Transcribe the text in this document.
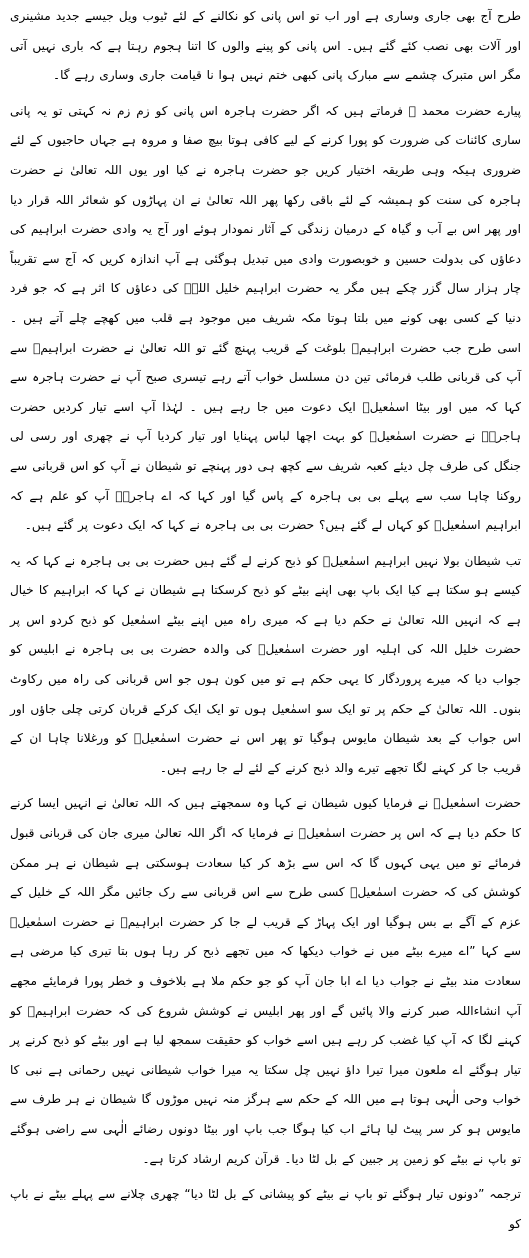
طرح آج بھی جاری وساری ہے اور اب تو اس پانی کو نکالنے کے لئے ٹیوب ویل جیسے جدید مشینری اور آلات بھی نصب کئے گئے ہیں۔ اس پانی کو پینے والوں کا اتنا ہجوم رہتا ہے کہ باری نہیں آتی مگر اس متبرک چشمے سے مبارک پانی کبھی ختم نہیں ہوا نا قیامت جاری وساری رہے گا۔

پیارے حضرت محمد ﷺ فرماتے ہیں کہ اگر حضرت ہاجرہ اس پانی کو زم زم نہ کہتی تو یہ پانی ساری کائنات کی ضرورت کو پورا کرنے کے لیے کافی ہوتا بیچ صفا و مروہ ہے جہاں حاجیوں کے لئے ضروری ہیکہ وہی طریقہ اختیار کریں جو حضرت ہاجرہ نے کیا اور یوں اللہ تعالیٰ نے حضرت ہاجرہ کی سنت کو ہمیشہ کے لئے باقی رکھا پھر اللہ تعالیٰ نے ان پہاڑوں کو شعائر اللہ قرار دیا اور پھر اس بے آب و گیاہ کے درمیان زندگی کے آثار نمودار ہوئے اور آج یہ وادی حضرت ابراہیم کی دعاؤں کی بدولت حسین و خوبصورت وادی میں تبدیل ہوگئی ہے آپ اندازہ کریں کہ آج سے تقریباً چار ہزار سال گزر چکے ہیں مگر یہ حضرت ابراہیم خلیل اللہؑ کی دعاؤں کا اثر ہے کہ جو فرد دنیا کے کسی بھی کونے میں بلتا ہوتا مکہ شریف میں موجود ہے قلب میں کھچے چلے آتے ہیں ۔ اسی طرح جب حضرت ابراہیمؑ بلوغت کے قریب پہنچ گئے تو اللہ تعالیٰ نے حضرت ابراہیمؑ سے آپ کی قربانی طلب فرمائی تین دن مسلسل خواب آتے رہے تیسری صبح آپ نے حضرت ہاجرہ سے کہا کہ میں اور بیٹا اسمٰعیلؑ ایک دعوت میں جا رہے ہیں ۔ لہٰذا آپ اسے تیار کردیں حضرت ہاجرہؑ نے حضرت اسمٰعیلؑ کو بہت اچھا لباس پہنایا اور تیار کردیا آپ نے چھری اور رسی لی جنگل کی طرف چل دیئے کعبہ شریف سے کچھ ہی دور پہنچے تو شیطان نے آپ کو اس قربانی سے روکنا چاہا سب سے پہلے بی بی ہاجرہ کے پاس گیا اور کہا کہ اے ہاجرہؑ آپ کو علم ہے کہ ابراہیم اسمٰعیلؑ کو کہاں لے گئے ہیں؟ حضرت بی بی ہاجرہ نے کہا کہ ایک دعوت پر گئے ہیں۔

تب شیطان بولا نہیں ابراہیم اسمٰعیلؑ کو ذبح کرنے لے گئے ہیں حضرت بی بی ہاجرہ نے کہا کہ یہ کیسے ہو سکتا ہے کیا ایک باپ بھی اپنے بیٹے کو ذبح کرسکتا ہے شیطان نے کہا کہ ابراہیم کا خیال ہے کہ انہیں اللہ تعالیٰ نے حکم دیا ہے کہ میری راہ میں اپنے بیٹے اسمٰعیل کو ذبح کردو اس پر حضرت خلیل اللہ کی اہلیہ اور حضرت اسمٰعیلؑ کی والدہ حضرت بی بی ہاجرہ نے ابلیس کو جواب دیا کہ میرے پروردگار کا یہی حکم ہے تو میں کون ہوں جو اس قربانی کی راہ میں رکاوٹ بنوں۔ اللہ تعالیٰ کے حکم پر تو ایک سو اسمٰعیل ہوں تو ایک ایک کرکے قربان کرتی چلی جاؤں اور اس جواب کے بعد شیطان مایوس ہوگیا تو پھر اس نے حضرت اسمٰعیلؑ کو ورغلانا چاہا ان کے قریب جا کر کہنے لگا تجھے تیرے والد ذبح کرنے کے لئے لے جا رہے ہیں۔

حضرت اسمٰعیلؑ نے فرمایا کیوں شیطان نے کہا وہ سمجھتے ہیں کہ اللہ تعالیٰ نے انہیں ایسا کرنے کا حکم دیا ہے کہ اس پر حضرت اسمٰعیلؑ نے فرمایا کہ اگر اللہ تعالیٰ میری جان کی قربانی قبول فرمائے تو میں یہی کہوں گا کہ اس سے بڑھ کر کیا سعادت ہوسکتی ہے شیطان نے ہر ممکن کوشش کی کہ حضرت اسمٰعیلؑ کسی طرح سے اس قربانی سے رک جائیں مگر اللہ کے خلیل کے عزم کے آگے بے بس ہوگیا اور ایک پہاڑ کے قریب لے جا کر حضرت ابراہیمؑ نے حضرت اسمٰعیلؑ سے کہا ”اے میرے بیٹے میں نے خواب دیکھا کہ میں تجھے ذبح کر رہا ہوں بتا تیری کیا مرضی ہے سعادت مند بیٹے نے جواب دیا اے ابا جان آپ کو جو حکم ملا ہے بلاخوف و خطر پورا فرمایئے مجھے آپ انشاءاللہ صبر کرنے والا پائیں گے اور پھر ابلیس نے کوشش شروع کی کہ حضرت ابراہیمؑ کو کہنے لگا کہ آپ کیا غضب کر رہے ہیں اسے خواب کو حقیقت سمجھ لیا ہے اور بیٹے کو ذبح کرنے پر تیار ہوگئے اے ملعون میرا تیرا داؤ نہیں چل سکتا یہ میرا خواب شیطانی نہیں رحمانی ہے نبی کا خواب وحی الٰہی ہوتا ہے میں اللہ کے حکم سے ہرگز منہ نہیں موڑوں گا شیطان نے ہر طرف سے مایوس ہو کر سر پیٹ لیا ہائے اب کیا ہوگا جب باپ اور بیٹا دونوں رضائے الٰہی سے راضی ہوگئے تو باپ نے بیٹے کو زمین پر جبین کے بل لٹا دیا۔ قرآن کریم ارشاد کرتا ہے۔

ترجمہ ”دونوں تیار ہوگئے تو باپ نے بیٹے کو پیشانی کے بل لٹا دیا“ چھری چلانے سے پہلے بیٹے نے باپ کو
